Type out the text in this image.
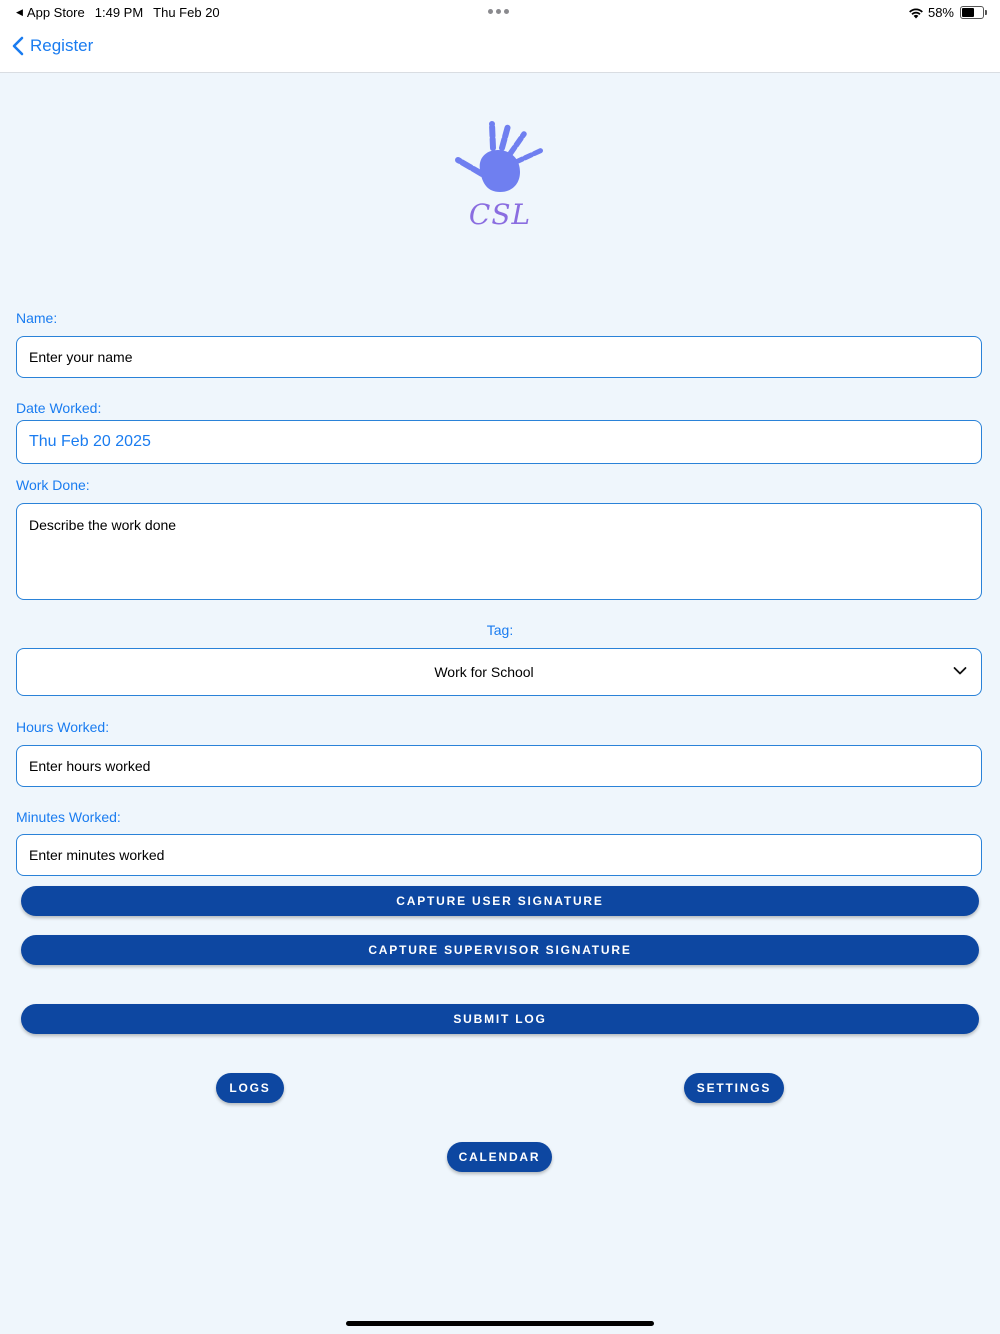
◀ App Store 1:49 PM Thu Feb 20	58%
Register
CSL
Name:
Enter your name
Date Worked:
Thu Feb 20 2025
Work Done:
Describe the work done
Tag:
Work for School
Hours Worked:
Enter hours worked
Minutes Worked:
Enter minutes worked
CAPTURE USER SIGNATURE
CAPTURE SUPERVISOR SIGNATURE
SUBMIT LOG
LOGS	SETTINGS
CALENDAR
